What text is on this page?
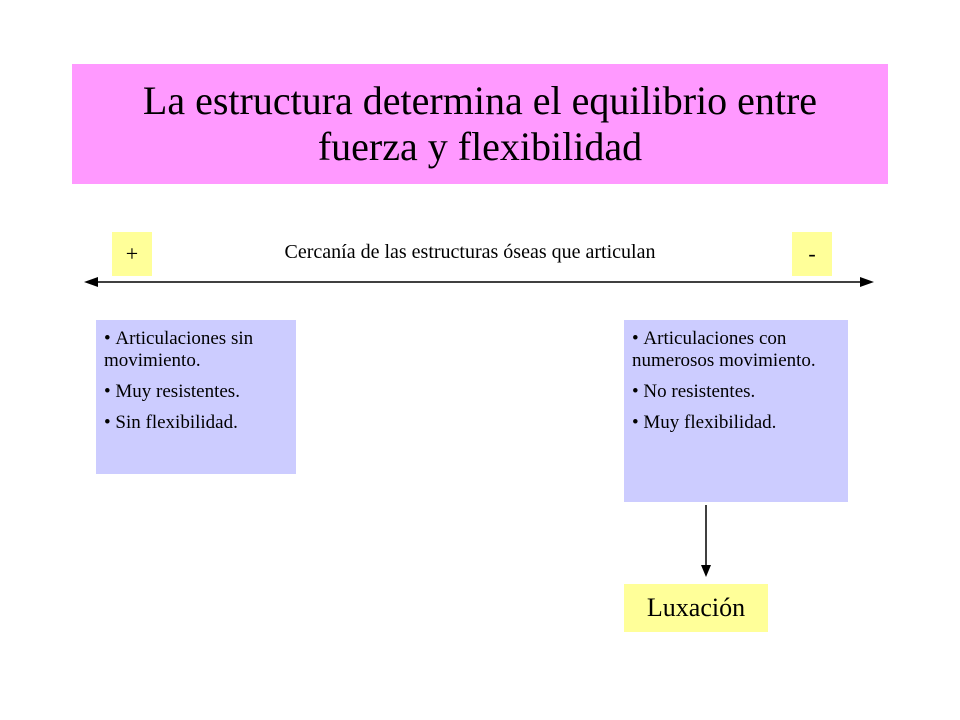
La estructura determina el equilibrio entre
fuerza y flexibilidad
+	Cercanía de las estructuras óseas que articulan	-
• Articulaciones sin movimiento.
• Muy resistentes.
• Sin flexibilidad.
• Articulaciones con numerosos movimiento.
• No resistentes.
• Muy flexibilidad.
Luxación
